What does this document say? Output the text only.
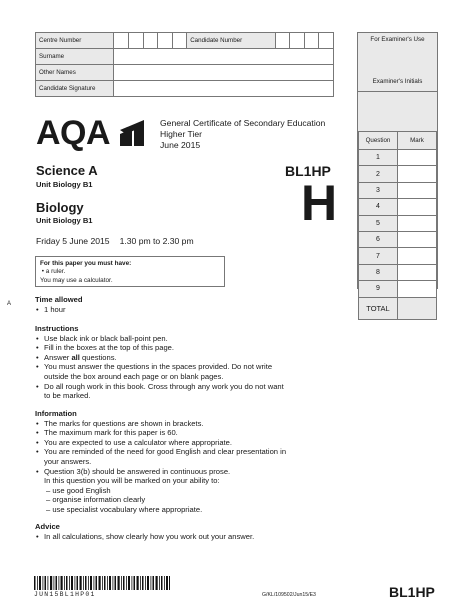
Centre Number						Candidate Number				
Surname										
Other Names										
Candidate Signature										
For Examiner's Use
Examiner's Initials
Question	Mark
1	
2	
3	
4	
5	
6	
7	
8	
9	
TOTAL	
AQA	General Certificate of Secondary Education
Higher Tier
June 2015
Science A
Unit Biology B1
BL1HP
H
Biology
Unit Biology B1
Friday 5 June 2015 1.30 pm to 2.30 pm
For this paper you must have:
• a ruler.
You may use a calculator.
A	Time allowed
• 1 hour
Instructions
• Use black ink or black ball-point pen.
• Fill in the boxes at the top of this page.
• Answer all questions.
• You must answer the questions in the spaces provided. Do not write
outside the box around each page or on blank pages.
• Do all rough work in this book. Cross through any work you do not want
to be marked.
Information
• The marks for questions are shown in brackets.
• The maximum mark for this paper is 60.
• You are expected to use a calculator where appropriate.
• You are reminded of the need for good English and clear presentation in
your answers.
• Question 3(b) should be answered in continuous prose.
In this question you will be marked on your ability to:
– use good English
– organise information clearly
– use specialist vocabulary where appropriate.
Advice
• In all calculations, show clearly how you work out your answer.
JUN15BL1HP01	G/KL/109502/Jun15/E3	BL1HP
